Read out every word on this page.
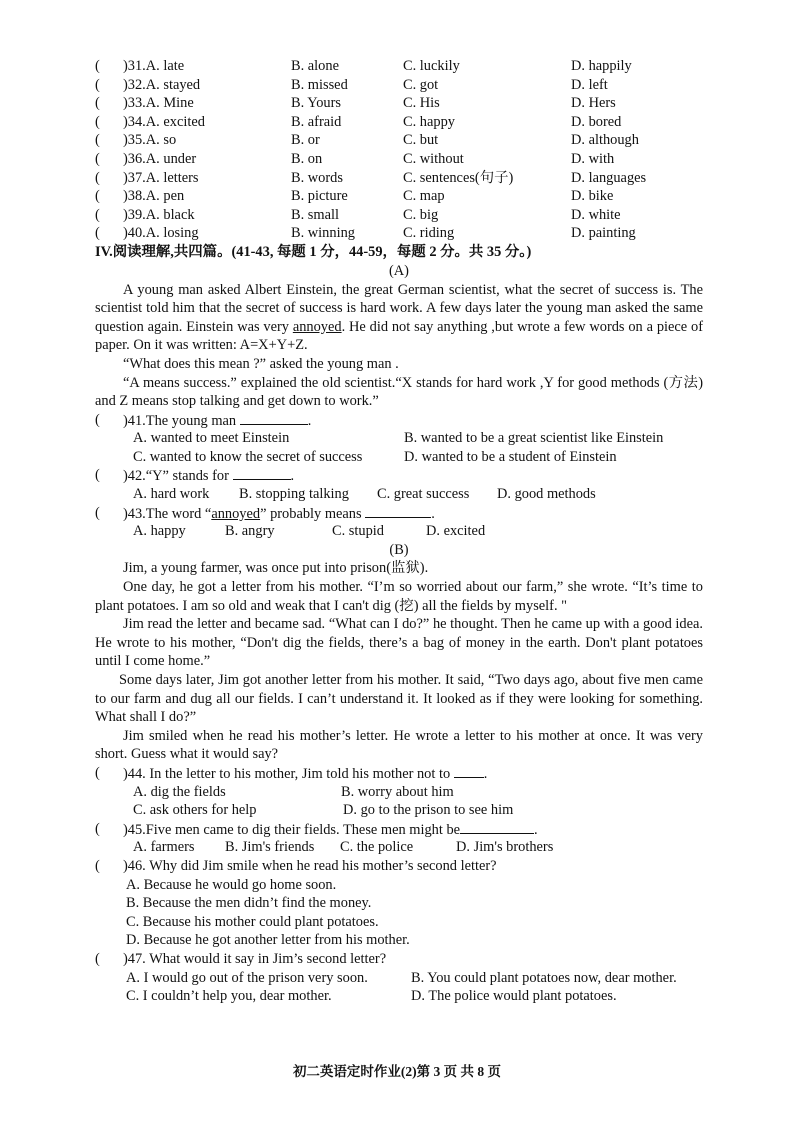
( )31.A. late	B. alone	C. luckily	D. happily
( )32.A. stayed	B. missed	C. got	D. left
( )33.A. Mine	B. Yours	C. His	D. Hers
( )34.A. excited	B. afraid	C. happy	D. bored
( )35.A. so	B. or	C. but	D. although
( )36.A. under	B. on	C. without	D. with
( )37.A. letters	B. words	C. sentences(句子)	D. languages
( )38.A. pen	B. picture	C. map	D. bike
( )39.A. black	B. small	C. big	D. white
( )40.A. losing	B. winning	C. riding	D. painting
IV.阅读理解,共四篇。(41-43, 每题 1 分，44-59，每题 2 分。共 35 分。)
(A)

A young man asked Albert Einstein, the great German scientist, what the secret of success is. The scientist told him that the secret of success is hard work. A few days later the young man asked the same question again. Einstein was very annoyed. He did not say anything ,but wrote a few words on a piece of paper. On it was written: A=X+Y+Z.

“What does this mean ?” asked the young man .

“A means success.” explained the old scientist.“X stands for hard work ,Y for good methods (方法) and Z means stop talking and get down to work.”

( )41.The young man	.
A. wanted to meet Einstein	B. wanted to be a great scientist like Einstein
C. wanted to know the secret of success	D. wanted to be a student of Einstein
( )42.“Y” stands for	.
A. hard work B. stopping talking C. great success D. good methods
( )43.The word “annoyed” probably means	.
A. happy	B. angry	C. stupid	D. excited
(B)

Jim, a young farmer, was once put into prison(监狱).

One day, he got a letter from his mother. “I’m so worried about our farm,” she wrote. “It’s time to plant potatoes. I am so old and weak that I can't dig (挖) all the fields by myself. "

Jim read the letter and became sad. “What can I do?” he thought. Then he came up with a good idea. He wrote to his mother, “Don't dig the fields, there’s a bag of money in the earth. Don't plant potatoes until I come home.”

Some days later, Jim got another letter from his mother. It said, “Two days ago, about five men came to our farm and dug all our fields. I can’t understand it. It looked as if they were looking for something. What shall I do?”

Jim smiled when he read his mother’s letter. He wrote a letter to his mother at once. It was very short. Guess what it would say?

( )44. In the letter to his mother, Jim told his mother not to .
A. dig the fields	B. worry about him
C. ask others for help	D. go to the prison to see him
( )45.Five men came to dig their fields. These men might be	.
A. farmers B. Jim's friends C. the police	D. Jim's brothers
( )46. Why did Jim smile when he read his mother’s second letter?
A. Because he would go home soon.
B. Because the men didn’t find the money.
C. Because his mother could plant potatoes.
D. Because he got another letter from his mother.
( )47. What would it say in Jim’s second letter?
A. I would go out of the prison very soon.	B. You could plant potatoes now, dear mother.
C. I couldn’t help you, dear mother.	D. The police would plant potatoes.
初二英语定时作业(2)第 3 页 共 8 页
